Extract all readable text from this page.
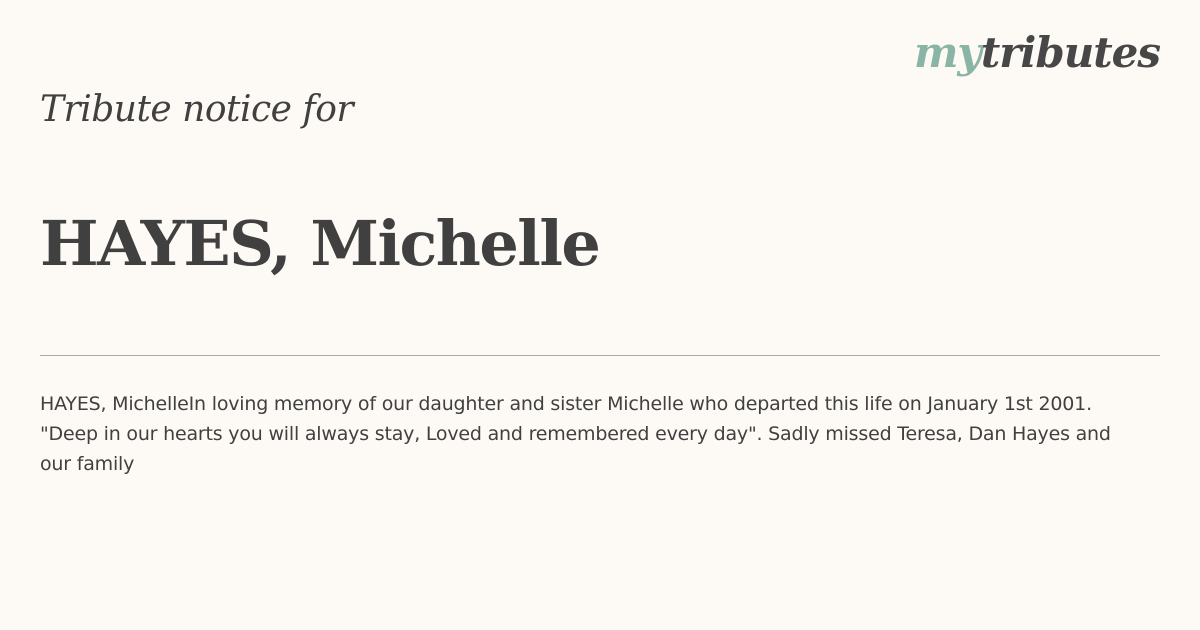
mytributes
Tribute notice for
HAYES, Michelle

HAYES, MichelleIn loving memory of our daughter and sister Michelle who departed this life on January 1st 2001. "Deep in our hearts you will always stay, Loved and remembered every day". Sadly missed Teresa, Dan Hayes and our family
